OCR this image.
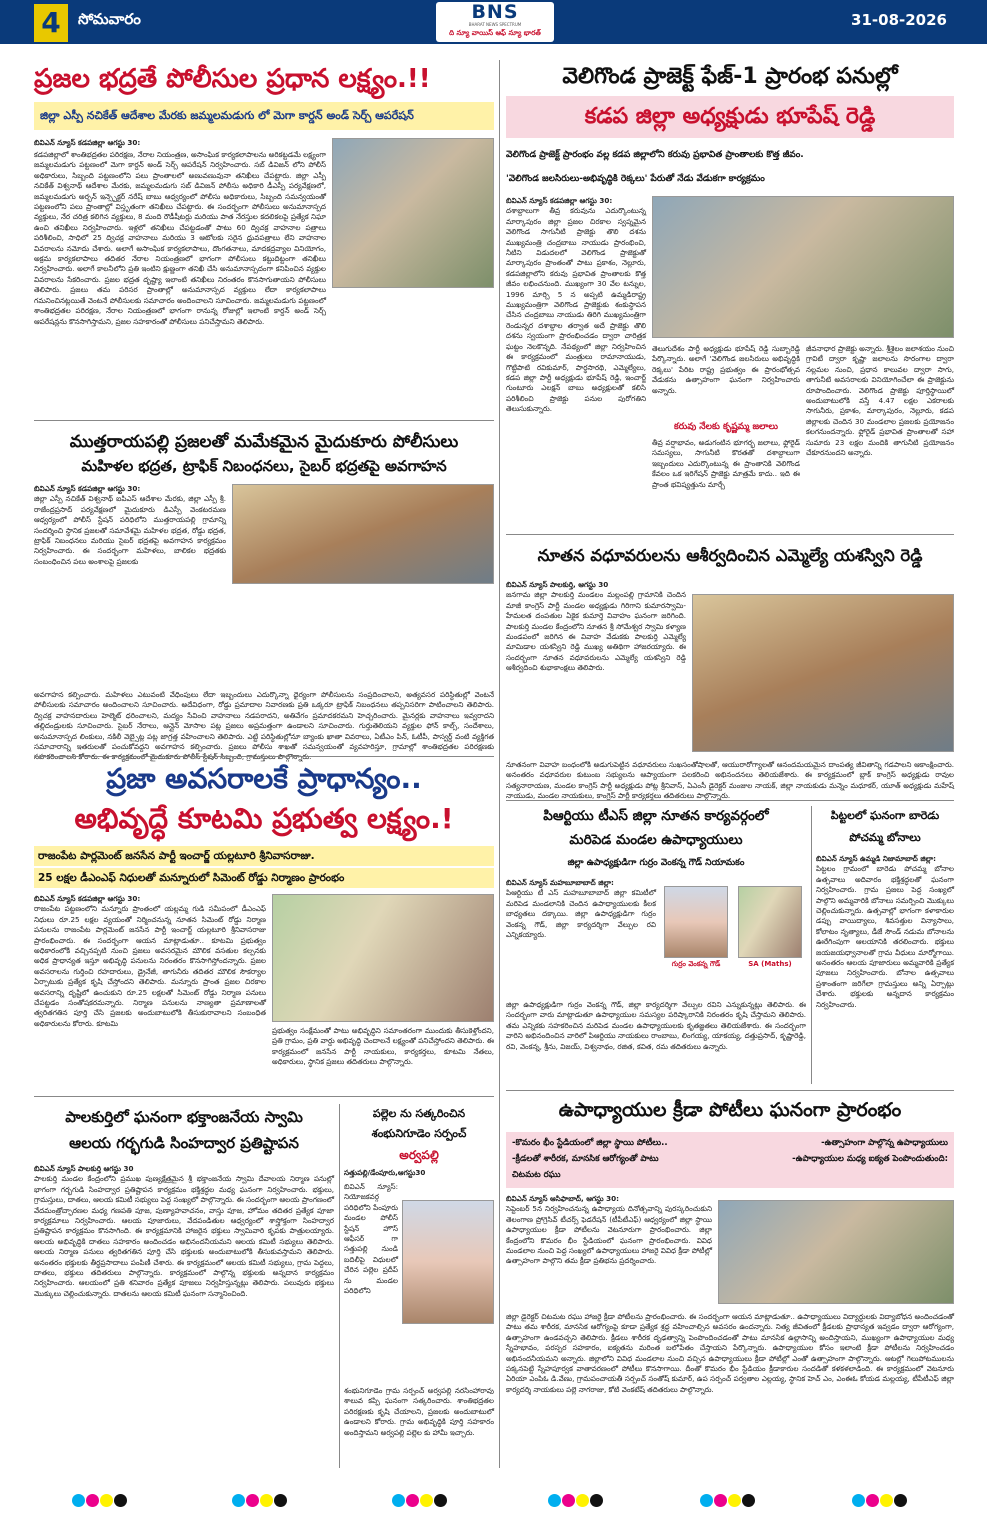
4	సోమవారం	BNS
BHARAT NEWS SPECTRUM
ది న్యూ వాయిస్ ఆఫ్ న్యూ భారత్
31-08-2026
ప్రజల భద్రతే పోలీసుల ప్రధాన లక్ష్యం.!!
జిల్లా ఎస్పీ నచికేత్ ఆదేశాల మేరకు జమ్మలమడుగు లో మెగా కార్డన్ అండ్ సెర్చ్ ఆపరేషన్
బివిఎన్ న్యూస్ కడపజిల్లా ఆగస్టు 30:
కడపజిల్లాలో శాంతిభద్రతల పరిరక్షణ, నేరాల నియంత్రణ, అసాంఘిక కార్యకలాపాలను అరికట్టడమే లక్ష్యంగా జమ్మలమడుగు పట్టణంలో మెగా కార్డన్ అండ్ సెర్చ్ ఆపరేషన్ నిర్వహించారు. సబ్ డివిజన్ లోని పోలీస్ అధికారులు, సిబ్బంది పట్టణంలోని పలు ప్రాంతాలలో అణువణువునా తనిఖీలు చేపట్టారు. జిల్లా ఎస్పీ నచికేత్ విశ్వనాథ్ ఆదేశాల మేరకు, జమ్మలమడుగు సబ్ డివిజన్ పోలీసు అధికారి డీఎస్పీ పర్యవేక్షణలో, జమ్మలమడుగు అర్బన్ ఇన్స్పెక్టర్ నరేష్ బాబు ఆధ్వర్యంలో పోలీసు అధికారులు, సిబ్బంది సమన్వయంతో పట్టణంలోని పలు ప్రాంతాల్లో విస్తృతంగా తనిఖీలు చేపట్టారు. ఈ సందర్భంగా పోలీసులు అనుమానాస్పద వ్యక్తులు, నేర చరిత్ర కలిగిన వ్యక్తులు, 8 మంది రౌడీషీటర్లు మరియు పాత నేరస్తుల కదలికలపై ప్రత్యేక నిఘా ఉంచి తనిఖీలు నిర్వహించారు. ఇళ్లలో తనిఖీలు చేపట్టడంతో పాటు 60 ద్విచక్ర వాహనాల పత్రాలు పరిశీలించి, సాధిలో 25 ద్విచక్ర వాహనాలు మరియు 3 ఆటోలకు సరైన ధ్రువపత్రాలు లేని వాహనాల వివరాలను నమోదు చేశారు. అలాగే అసాంఘిక కార్యకలాపాలు, దొంగతనాలు, మాదకద్రవ్యాల వినియోగం, అక్రమ కార్యకలాపాలు తదితర నేరాల నియంత్రణలో భాగంగా పోలీసులు కట్టుదిట్టంగా తనిఖీలు నిర్వహించారు. అలాగే కాలనీలోని ప్రతి ఇంటిని క్షుణ్ణంగా తనిఖీ చేసి అనుమానాస్పదంగా కనిపించిన వ్యక్తుల వివరాలను సేకరించారు. ప్రజల భద్రత దృష్ట్యా ఇలాంటి తనిఖీలు నిరంతరం కొనసాగుతాయని పోలీసులు తెలిపారు. ప్రజలు తమ పరిసర ప్రాంతాల్లో అనుమానాస్పద వ్యక్తులు లేదా కార్యకలాపాలు గమనించినట్లయితే వెంటనే పోలీసులకు సమాచారం అందించాలని సూచించారు. జమ్మలమడుగు పట్టణంలో శాంతిభద్రతల పరిరక్షణ, నేరాల నియంత్రణలో భాగంగా రానున్న రోజుల్లో ఇలాంటి కార్డన్ అండ్ సెర్చ్ ఆపరేషన్లను కొనసాగిస్తామని, ప్రజల సహకారంతో పోలీసులు పనిచేస్తామని తెలిపారు.
ముత్తరాయపల్లి ప్రజలతో మమేకమైన మైదుకూరు పోలీసులు
మహిళల భద్రత, ట్రాఫిక్ నిబంధనలు, సైబర్ భద్రతపై అవగాహన
బివిఎన్ న్యూస్ కడపజిల్లా ఆగస్టు 30:
జిల్లా ఎస్పీ నచికేత్ విశ్వనాథ్ ఐపిఎస్ ఆదేశాల మేరకు, జిల్లా ఎస్పీ శ్రీ. రాజేంద్రప్రసాద్ పర్యవేక్షణలో మైదుకూరు డిఎస్పీ వెంకటరమణ ఆధ్వర్యంలో పోలీస్ స్టేషన్ పరిధిలోని ముత్తరాయపల్లి గ్రామాన్ని సందర్శించి స్థానిక ప్రజలతో సమావేశమై మహిళల భద్రత, రోడ్డు భద్రత, ట్రాఫిక్ నిబంధనలు మరియు సైబర్ భద్రతపై అవగాహన కార్యక్రమం నిర్వహించారు. ఈ సందర్భంగా మహిళలు, బాలికల భద్రతకు సంబంధించిన పలు అంశాలపై ప్రజలకు
అవగాహన కల్పించారు. మహిళలు ఎటువంటి వేధింపులు లేదా ఇబ్బందులు ఎదుర్కొన్నా ధైర్యంగా పోలీసులను సంప్రదించాలని, అత్యవసర పరిస్థితుల్లో వెంటనే పోలీసులకు సమాచారం అందించాలని సూచించారు. అదేవిధంగా, రోడ్డు ప్రమాదాల నివారణకు ప్రతి ఒక్కరూ ట్రాఫిక్ నిబంధనలు తప్పనిసరిగా పాటించాలని తెలిపారు. ద్విచక్ర వాహనదారులు హెల్మెట్ ధరించాలని, మద్యం సేవించి వాహనాలు నడపరాదని, అతివేగం ప్రమాదకరమని హెచ్చరించారు. మైనర్లకు వాహనాలు ఇవ్వరాదని తల్లిదండ్రులకు సూచించారు. సైబర్ నేరాలు, ఆన్లైన్ మోసాల పట్ల ప్రజలు అప్రమత్తంగా ఉండాలని సూచించారు. గుర్తుతెలియని వ్యక్తుల ఫోన్ కాల్స్, సందేశాలు, అనుమానాస్పద లింకులు, నకిలీ వెబ్సైట్ల పట్ల జాగ్రత్త వహించాలని తెలిపారు. ఎట్టి పరిస్థితుల్లోనూ బ్యాంకు ఖాతా వివరాలు, ఏటీఎం పిన్, ఓటీపీ, పాస్వర్డ్ వంటి వ్యక్తిగత సమాచారాన్ని ఇతరులతో పంచుకోవద్దని అవగాహన కల్పించారు. ప్రజలు పోలీసు శాఖతో సమన్వయంతో వ్యవహరిస్తూ, గ్రామాల్లో శాంతిభద్రతల పరిరక్షణకు
ప్రజా అవసరాలకే ప్రాధాన్యం..
అభివృద్ధే కూటమి ప్రభుత్వ లక్ష్యం.!
రాజంపేట పార్లమెంట్ జనసేన పార్టీ ఇంచార్జ్ యల్లటూరి శ్రీనివాసరాజు.
25 లక్షల డీఎంఎఫ్ నిధులతో మన్నూరులో సిమెంట్ రోడ్డు నిర్మాణం ప్రారంభం
బివిఎన్ న్యూస్ కడపజిల్లా ఆగస్టు 30:
రాజంపేట పట్టణంలోని మన్నూరు ప్రాంతంలో యల్లమ్మ గుడి సమీపంలో డీఎంఎఫ్ నిధులు రూ.25 లక్షల వ్యయంతో నిర్మించనున్న నూతన సిమెంట్ రోడ్డు నిర్మాణ పనులను రాజంపేట పార్లమెంట్ జనసేన పార్టీ ఇంచార్జ్ యల్లటూరి శ్రీనివాసరాజు ప్రారంభించారు. ఈ సందర్భంగా ఆయన మాట్లాడుతూ.. కూటమి ప్రభుత్వం అధికారంలోకి వచ్చినప్పటి నుంచి ప్రజలు అవసరమైన మౌలిక వసతుల కల్పనకు అధిక ప్రాధాన్యత ఇస్తూ అభివృద్ధి పనులను నిరంతరం కొనసాగిస్తోందన్నారు. ప్రజల అవసరాలను గుర్తించి రహదారులు, డ్రైనేజీ, తాగునీరు తదితర మౌలిక సౌకర్యాల ఏర్పాటుకు ప్రత్యేక కృషి చేస్తోందని తెలిపారు. మన్నూరు ప్రాంత ప్రజల చిరకాల అవసరాన్ని దృష్టిలో ఉంచుకుని రూ.25 లక్షలతో సిమెంట్ రోడ్డు నిర్మాణ పనులు చేపట్టడం సంతోషకరమన్నారు. నిర్మాణ పనులను నాణ్యతా ప్రమాణాలతో త్వరితగతిన పూర్తి చేసి ప్రజలకు అందుబాటులోకి తీసుకురావాలని సంబంధిత అధికారులను కోరారు. కూటమి
ప్రభుత్వం సంక్షేమంతో పాటు అభివృద్ధిని సమాంతరంగా ముందుకు తీసుకెళ్తోందని, ప్రతి గ్రామం, ప్రతి వార్డు అభివృద్ధి చెందాలనే లక్ష్యంతో పనిచేస్తోందని తెలిపారు. ఈ కార్యక్రమంలో జనసేన పార్టీ నాయకులు, కార్యకర్తలు, కూటమి నేతలు, అధికారులు, స్థానిక ప్రజలు తదితరులు పాల్గొన్నారు.
పాలకుర్తిలో ఘనంగా భక్తాంజనేయ స్వామి
ఆలయ గర్భగుడి సింహద్వార ప్రతిష్టాపన
బివిఎన్ న్యూస్ పాలకుర్తి ఆగస్టు 30
పాలకుర్తి మండల కేంద్రంలోని ప్రముఖ పుణ్యక్షేత్రమైన శ్రీ భక్తాంజనేయ స్వామి దేవాలయ నిర్మాణ పనుల్లో భాగంగా గర్భగుడి సింహద్వార ప్రతిష్టాపన కార్యక్రమం భక్తిశ్రద్ధల మధ్య ఘనంగా నిర్వహించారు. భక్తులు, గ్రామస్తులు, దాతలు, ఆలయ కమిటీ సభ్యులు పెద్ద సంఖ్యలో పాల్గొన్నారు. ఈ సందర్భంగా ఆలయ ప్రాంగణంలో వేదమంత్రోచ్ఛారణల మధ్య గణపతి పూజ, పుణ్యాహవాచనం, వాస్తు పూజ, హోమం తదితర ప్రత్యేక పూజా కార్యక్రమాలు నిర్వహించారు. ఆలయ పూజారులు, వేదపండితుల ఆధ్వర్యంలో శాస్త్రోక్తంగా సింహద్వార ప్రతిష్టాపన కార్యక్రమం కొనసాగింది. ఈ కార్యక్రమానికి హాజరైన భక్తులు స్వామివారి కృపకు పాత్రులయ్యారు. ఆలయ అభివృద్ధికి దాతలు సహకారం అందించడం అభినందనీయమని ఆలయ కమిటీ సభ్యులు తెలిపారు. ఆలయ నిర్మాణ పనులు త్వరితగతిన పూర్తి చేసి భక్తులకు అందుబాటులోకి తీసుకువస్తామని తెలిపారు. అనంతరం భక్తులకు తీర్థప్రసాదాలు పంపిణీ చేశారు. ఈ కార్యక్రమంలో ఆలయ కమిటీ సభ్యులు, గ్రామ పెద్దలు, దాతలు, భక్తులు తదితరులు పాల్గొన్నారు. కార్యక్రమంలో పాల్గొన్న భక్తులకు అన్నదాన కార్యక్రమం నిర్వహించారు. ఆలయంలో ప్రతి శనివారం ప్రత్యేక పూజలు నిర్వహిస్తున్నట్లు తెలిపారు. పలువురు భక్తులు మొక్కులు చెల్లించుకున్నారు. దాతలను ఆలయ కమిటీ ఘనంగా సన్మానించింది.
పల్లెల ను సత్కరించిన
శంభునిగూడెం సర్పంచ్
అర్వపల్లి
సత్తుపల్లి/డేంపూరు,ఆగస్టు30
బివిఎన్ న్యూస్: నియోజకవర్గ పరిధిలోని పేంపూరు మండల పోలీస్ స్టేషన్ హౌస్ ఆఫీసర్ గా సత్తుపల్లి నుండి బదిలీపై విధులలో చేరిన పల్లెల ప్రదీప్ ను మండల పరిధిలోని
శంభునిగూడెం గ్రామ సర్పంచ్ అర్వపల్లి నరసింహారావు శాలువ కప్పి ఘనంగా సత్కరించారు. శాంతిభద్రతల పరిరక్షణకు కృషి చేయాలని, ప్రజలకు అందుబాటులో ఉండాలని కోరారు. గ్రామ అభివృద్ధికి పూర్తి సహకారం అందిస్తామని అర్వపల్లి పల్లెల కు హామీ ఇచ్చారు.
వెలిగొండ ప్రాజెక్ట్ ఫేజ్-1 ప్రారంభ పనుల్లో
కడప జిల్లా అధ్యక్షుడు భూపేష్ రెడ్డి
వెలిగొండ ప్రాజెక్ట్ ప్రారంభం వల్ల కడప జిల్లాలోని కరువు ప్రభావిత ప్రాంతాలకు కొత్త జీవం.
'వెలిగొండ జలసిరులు-అభివృద్ధికి రెక్కలు' పేరుతో నేడు వేడుకగా కార్యక్రమం
బివిఎన్ న్యూస్ కడపజిల్లా ఆగస్టు 30:
దశాబ్దాలుగా తీవ్ర కరువును ఎదుర్కొంటున్న మార్కాపురం జిల్లా ప్రజల చిరకాల స్వప్నమైన వెలిగొండ సాగునీటి ప్రాజెక్టు తొలి దశను ముఖ్యమంత్రి చంద్రబాబు నాయుడు ప్రారంభించి, నీటిని విడుదలలో వెలిగొండ ప్రాజెక్టుతో మార్కాపురం ప్రాంతంతో పాటు ప్రకాశం, నెల్లూరు, కడపజిల్లాలోని కరువు ప్రభావిత ప్రాంతాలకు కొత్త జీవం లభించనుంది. ముఖ్యంగా 30 వేల టన్నుల, 1996 మార్చి 5 న అప్పటి ఉమ్మడిరాష్ట్ర ముఖ్యమంత్రిగా వెలిగొండ ప్రాజెక్టుకు శంకుస్థాపన చేసిన చంద్రబాబు నాయుడు తిరిగి ముఖ్యమంత్రిగా రెండున్నర దశాబ్దాల తర్వాత అదే ప్రాజెక్టు తొలి దశను స్వయంగా ప్రారంభించడం ద్వారా చారిత్రక ఘట్టం నెలకొన్నది. నేపథ్యంలో జిల్లా నిర్వహించిన ఈ కార్యక్రమంలో మంత్రులు రామానాయుడు, గొట్టిపాటి రవికుమార్, పార్థసారథి, ఎమ్మెల్యేలు, కడప జిల్లా పార్టీ అధ్యక్షుడు భూపేష్ రెడ్డి, ఇంచార్జ్ గుంటూరు ఎలక్షన్ బాబు అధ్యక్షులతో కలిసి పరిశీలించి ప్రాజెక్టు పనుల పురోగతిని తెలుసుకున్నారు.
తెలుగుదేశం పార్టీ అధ్యక్షుడు భూపేష్ రెడ్డి సుబ్బారెడ్డి పేర్కొన్నారు. అలాగే 'వెలిగొండ జలసిరులు అభివృద్ధికి రెక్కలు' పేరిట రాష్ట్ర ప్రభుత్వం ఈ ప్రారంభోత్సవ వేడుకను ఉత్సాహంగా ఘనంగా నిర్వహించారు అన్నారు.
కరువు నేలకు కృష్ణమ్మ జలాలు
తీవ్ర వర్షాభావం, అడుగంటిన భూగర్భ జలాలు, ఫ్లోరైడ్ సమస్యలు, సాగునీటి కొరతతో దశాబ్దాలుగా ఇబ్బందులు ఎదుర్కొంటున్న ఈ ప్రాంతానికి వెలిగొండ కేవలం ఒక ఇరిగేషన్ ప్రాజెక్టు మాత్రమే కాదు.. ఇది ఈ ప్రాంత భవిష్యత్తును మార్చే
జీవనాధార ప్రాజెక్టు అన్నారు. శ్రీశైలం జలాశయం నుంచి గ్రావిటీ ద్వారా కృష్ణా జలాలను సొరంగాల ద్వారా నల్లమల నుంచి, ప్రధాన కాలువల ద్వారా సాగు, తాగునీటి అవసరాలకు వినియోగించేలా ఈ ప్రాజెక్టును రూపొందించారు. వెలిగొండ ప్రాజెక్టు పూర్తిస్థాయిలో అందుబాటులోకి వస్తే 4.47 లక్షల ఎకరాలకు సాగునీరు, ప్రకాశం, మార్కాపురం, నెల్లూరు, కడప జిల్లాలకు చెందిన 30 మండలాల ప్రజలకు ప్రయోజనం కలగనుందన్నారు. ఫ్లోరైడ్ ప్రభావిత ప్రాంతాలతో సహా సుమారు 23 లక్షల మందికి తాగునీటి ప్రయోజనం చేకూరనుందని అన్నారు.
నూతన వధూవరులను ఆశీర్వదించిన ఎమ్మెల్యే యశస్విని రెడ్డి
బివిఎన్ న్యూస్ పాలకుర్తి, ఆగస్టు 30
జనగామ జిల్లా పాలకుర్తి మండలం మల్లంపల్లి గ్రామానికి చెందిన మాజీ కాంగ్రెస్ పార్టీ మండల అధ్యక్షుడు గిరిగాని కుమారస్వామి-హేమలత దంపతుల ఏకైక కుమార్తె వివాహం ఘనంగా జరిగింది. పాలకుర్తి మండల కేంద్రంలోని నూతన శ్రీ సోమేశ్వర స్వామి కళ్యాణ మండపంలో జరిగిన ఈ వివాహ వేడుకకు పాలకుర్తి ఎమ్మెల్యే మామిడాల యశస్విని రెడ్డి ముఖ్య అతిథిగా హాజరయ్యారు. ఈ సందర్భంగా నూతన వధూవరులను ఎమ్మెల్యే యశస్విని రెడ్డి ఆశీర్వదించి శుభాకాంక్షలు తెలిపారు.
నూతనంగా వివాహ బంధంలోకి అడుగుపెట్టిన వధూవరులు సుఖసంతోషాలతో, ఆయురారోగ్యాలతో ఆనందమయమైన దాంపత్య జీవితాన్ని గడపాలని ఆకాంక్షించారు. అనంతరం వధూవరుల కుటుంబ సభ్యులను ఆప్యాయంగా పలకరించి అభినందనలు తెలియజేశారు. ఈ కార్యక్రమంలో బ్లాక్ కాంగ్రెస్ అధ్యక్షుడు రావుల సత్యనారాయణ, మండల కాంగ్రెస్ పార్టీ అధ్యక్షుడు పోట్ల శ్రీనివాస్, ఏఎంసీ డైరెక్టర్ మంజుల నాయక్, జిల్లా నాయకుడు మన్నెం మధూకర్, యూత్ అధ్యక్షుడు మహేష్ నాయుడు, మండల నాయకులు, కాంగ్రెస్ పార్టీ కార్యకర్తలు తదితరులు పాల్గొన్నారు.
పిఆర్టియు టీఎస్ జిల్లా నూతన కార్యవర్గంలో
మరిపెడ మండల ఉపాధ్యాయులు
జిల్లా ఉపాధ్యక్షుడిగా గుర్రం వెంకన్న గౌడ్ నియామకం
బివిఎన్ న్యూస్ మహబూబాబాద్ జిల్లా:
పిఆర్టియు టీ ఎస్ మహబూబాబాద్ జిల్లా కమిటీలో మరిపెడ మండలానికి చెందిన ఉపాధ్యాయులకు కీలక బాధ్యతలు దక్కాయి. జిల్లా ఉపాధ్యక్షుడిగా గుర్రం వెంకన్న గౌడ్, జిల్లా కార్యదర్శిగా వేల్పుల రవి ఎన్నికయ్యారు.
గుర్రం వెంకన్న గౌడ్	SA (Maths)
జిల్లా ఉపాధ్యక్షుడిగా గుర్రం వెంకన్న గౌడ్, జిల్లా కార్యదర్శిగా వేల్పుల రవిని ఎన్నుకున్నట్లు తెలిపారు. ఈ సందర్భంగా వారు మాట్లాడుతూ ఉపాధ్యాయుల సమస్యల పరిష్కారానికి నిరంతరం కృషి చేస్తామని తెలిపారు. తమ ఎన్నికకు సహకరించిన మరిపెడ మండల ఉపాధ్యాయులకు కృతజ్ఞతలు తెలియజేశారు. ఈ సందర్భంగా వారిని అభినందించిన వారిలో పిఆర్టియు నాయకులు రాంబాబు, లింగయ్య, యాకయ్య, దత్తుప్రసాద్, కృష్ణారెడ్డి, రవి, వెంకన్న, శ్రీను, విజయ్, విశ్వనాథం, రజిత, కవిత, రమ తదితరులు ఉన్నారు.
పిట్టలలో ఘనంగా బారెడు
పోచమ్మ బోనాలు
బివిఎన్ న్యూస్ ఉమ్మడి నిజామాబాద్ జిల్లా:
పిట్టలం గ్రామంలో బారెడు పోచమ్మ బోనాల ఉత్సవాలు అదివారం భక్తిశ్రద్ధలతో ఘనంగా నిర్వహించారు. గ్రామ ప్రజలు పెద్ద సంఖ్యలో పాల్గొని అమ్మవారికి బోనాలు సమర్పించి మొక్కులు చెల్లించుకున్నారు. ఉత్సవాల్లో భాగంగా కళాకారుల డప్పు వాయిద్యాలు, శివసత్తుల విన్యాసాలు, కోలాటం నృత్యాలు, డీజే సౌండ్ నడుమ బోనాలను ఊరేగింపుగా ఆలయానికి తరలించారు. భక్తులు జయజయధ్వానాలతో గ్రామ వీధులు మార్మోగాయి. అనంతరం ఆలయ పూజారులు అమ్మవారికి ప్రత్యేక పూజలు నిర్వహించారు. బోనాల ఉత్సవాలు ప్రశాంతంగా జరిగేలా గ్రామస్తులు అన్ని ఏర్పాట్లు చేశారు. భక్తులకు అన్నదాన కార్యక్రమం నిర్వహించారు.
ఉపాధ్యాయుల క్రీడా పోటీలు ఘనంగా ప్రారంభం
-కొమరం భీం స్టేడియంలో జిల్లా స్థాయి పోటీలు..	-ఉత్సాహంగా పాల్గొన్న ఉపాధ్యాయులు
-క్రీడలతో శారీరక, మానసిక ఆరోగ్యంతో పాటు	-ఉపాధ్యాయుల మధ్య ఐక్యత పెంపొందుతుంది:
చిటమట రఘు
బివిఎన్ న్యూస్ ఆసిఫాబాద్, ఆగస్టు 30:
సెప్టెంబర్ 5న నిర్వహించనున్న ఉపాధ్యాయ దినోత్సవాన్ని పురస్కరించుకుని తెలంగాణ ప్రోగ్రెసివ్ టీచర్స్ ఫెడరేషన్ (టీపీటీఎఫ్) ఆధ్వర్యంలో జిల్లా స్థాయి ఉపాధ్యాయుల క్రీడా పోటీలను వెటనూరుగా ప్రారంభించారు. జిల్లా కేంద్రంలోని కొమరం భీం స్టేడియంలో ఘనంగా ప్రారంభించారు. వివిధ మండలాల నుంచి పెద్ద సంఖ్యలో ఉపాధ్యాయులు హాజరై వివిధ క్రీడా పోటీల్లో ఉత్సాహంగా పాల్గొని తమ క్రీడా ప్రతిభను ప్రదర్శించారు.
జిల్లా డైరెక్టర్ చిటమట రఘు హాజరై క్రీడా పోటీలను ప్రారంభించారు. ఈ సందర్భంగా ఆయన మాట్లాడుతూ.. ఉపాధ్యాయులు విద్యార్థులకు విద్యాబోధన అందించడంతో పాటు తమ శారీరక, మానసిక ఆరోగ్యంపై కూడా ప్రత్యేక శ్రద్ధ వహించాల్సిన అవసరం ఉందన్నారు. నిత్య జీవితంలో క్రీడలకు ప్రాధాన్యత ఇవ్వడం ద్వారా ఆరోగ్యంగా, ఉత్సాహంగా ఉండవచ్చని తెలిపారు. క్రీడలు శారీరక దృఢత్వాన్ని పెంపొందించడంతో పాటు మానసిక ఉల్లాసాన్ని అందిస్తాయని, ముఖ్యంగా ఉపాధ్యాయుల మధ్య స్నేహభావం, పరస్పర సహకారం, ఐక్యతను మరింత బలోపేతం చేస్తాయని పేర్కొన్నారు. ఉపాధ్యాయుల కోసం ఇలాంటి క్రీడా పోటీలను నిర్వహించడం అభినందనీయమని అన్నారు. జిల్లాలోని వివిధ మండలాల నుంచి వచ్చిన ఉపాధ్యాయులు క్రీడా పోటీల్లో ఎంతో ఉత్సాహంగా పాల్గొన్నారు. ఆటల్లో గెలుపోటములను పక్కనపెట్టి స్నేహపూర్వక వాతావరణంలో పోటీలు కొనసాగాయి. దీంతో కొమరం భీం స్టేడియం క్రీడాకారుల సందడితో కళకళలాడింది. ఈ కార్యక్రమంలో వెటనూరు ఏరియా ఎంపిఓ డి.వేణు, గ్రామపంచాయతీ సర్పంచ్ సంతోష్ కుమార్, ఉప సర్పంచ్ పర్వతాల ఎల్లయ్య, స్థానిక హెచ్ ఎం, ఎంఈఓ కోయడ మల్లయ్య, టీపీటీఎఫ్ జిల్లా కార్యదర్శి నాయకులు పల్లె నాగరాజు, కోటి వెంకటేష్ తదితరులు పాల్గొన్నారు.
